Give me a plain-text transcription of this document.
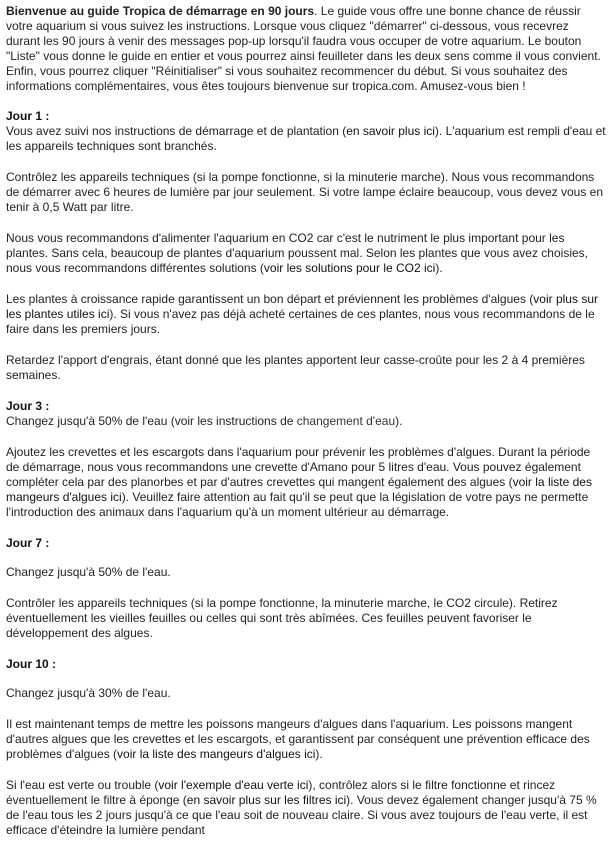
Bienvenue au guide Tropica de démarrage en 90 jours. Le guide vous offre une bonne chance de réussir votre aquarium si vous suivez les instructions. Lorsque vous cliquez "démarrer" ci-dessous, vous recevrez durant les 90 jours à venir des messages pop-up lorsqu'il faudra vous occuper de votre aquarium. Le bouton "Liste" vous donne le guide en entier et vous pourrez ainsi feuilleter dans les deux sens comme il vous convient. Enfin, vous pourrez cliquer "Réinitialiser" si vous souhaitez recommencer du début. Si vous souhaitez des informations complémentaires, vous êtes toujours bienvenue sur tropica.com. Amusez-vous bien !

Jour 1 :

Vous avez suivi nos instructions de démarrage et de plantation (en savoir plus ici). L'aquarium est rempli d'eau et les appareils techniques sont branchés.

Contrôlez les appareils techniques (si la pompe fonctionne, si la minuterie marche). Nous vous recommandons de démarrer avec 6 heures de lumière par jour seulement. Si votre lampe éclaire beaucoup, vous devez vous en tenir à 0,5 Watt par litre.

Nous vous recommandons d'alimenter l'aquarium en CO2 car c'est le nutriment le plus important pour les plantes. Sans cela, beaucoup de plantes d'aquarium poussent mal. Selon les plantes que vous avez choisies, nous vous recommandons différentes solutions (voir les solutions pour le CO2 ici).

Les plantes à croissance rapide garantissent un bon départ et préviennent les problèmes d'algues (voir plus sur les plantes utiles ici). Si vous n'avez pas déjà acheté certaines de ces plantes, nous vous recommandons de le faire dans les premiers jours.

Retardez l'apport d'engrais, étant donné que les plantes apportent leur casse-croûte pour les 2 à 4 premières semaines.

Jour 3 :

Changez jusqu'à 50% de l'eau (voir les instructions de changement d'eau).

Ajoutez les crevettes et les escargots dans l'aquarium pour prévenir les problèmes d'algues. Durant la période de démarrage, nous vous recommandons une crevette d'Amano pour 5 litres d'eau. Vous pouvez également compléter cela par des planorbes et par d'autres crevettes qui mangent également des algues (voir la liste des mangeurs d'algues ici). Veuillez faire attention au fait qu'il se peut que la législation de votre pays ne permette l'introduction des animaux dans l'aquarium qu'à un moment ultérieur au démarrage.

Jour 7 :

Changez jusqu'à 50% de l'eau.

Contrôler les appareils techniques (si la pompe fonctionne, la minuterie marche, le CO2 circule). Retirez éventuellement les vieilles feuilles ou celles qui sont très abîmées. Ces feuilles peuvent favoriser le développement des algues.

Jour 10 :

Changez jusqu'à 30% de l'eau.

Il est maintenant temps de mettre les poissons mangeurs d'algues dans l'aquarium. Les poissons mangent d'autres algues que les crevettes et les escargots, et garantissent par conséquent une prévention efficace des problèmes d'algues (voir la liste des mangeurs d'algues ici).

Si l'eau est verte ou trouble (voir l'exemple d'eau verte ici), contrôlez alors si le filtre fonctionne et rincez éventuellement le filtre à éponge (en savoir plus sur les filtres ici). Vous devez également changer jusqu'à 75 % de l'eau tous les 2 jours jusqu'à ce que l'eau soit de nouveau claire. Si vous avez toujours de l'eau verte, il est efficace d'éteindre la lumière pendant
